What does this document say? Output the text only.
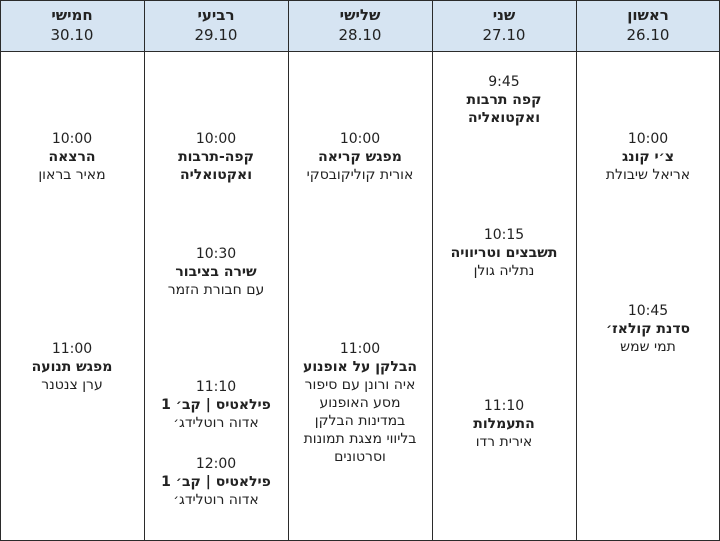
ראשון
26.10
שני
27.10
שלישי
28.10
רביעי
29.10
חמישי
30.10
10:00
צ׳י קונג
אריאל שיבולת
10:45
סדנת קולאז׳
תמי שמש
9:45
קפה תרבות
ואקטואליה
10:15
תשבצים וטריוויה
נתליה גולן
11:10
התעמלות
אירית רדו
10:00
מפגש קריאה
אורית קוליקובסקי
11:00
הבלקן על אופנוע
איה ורונן עם סיפור
מסע האופנוע
במדינות הבלקן
בליווי מצגת תמונות
וסרטונים
10:00
קפה-תרבות
ואקטואליה
10:30
שירה בציבור
עם חבורת הזמר
11:10
פילאטיס | קב׳ 1
אדוה רוטלידג׳
12:00
פילאטיס | קב׳ 1
אדוה רוטלידג׳
10:00
הרצאה
מאיר בראון
11:00
מפגש תנועה
ערן צנטנר
